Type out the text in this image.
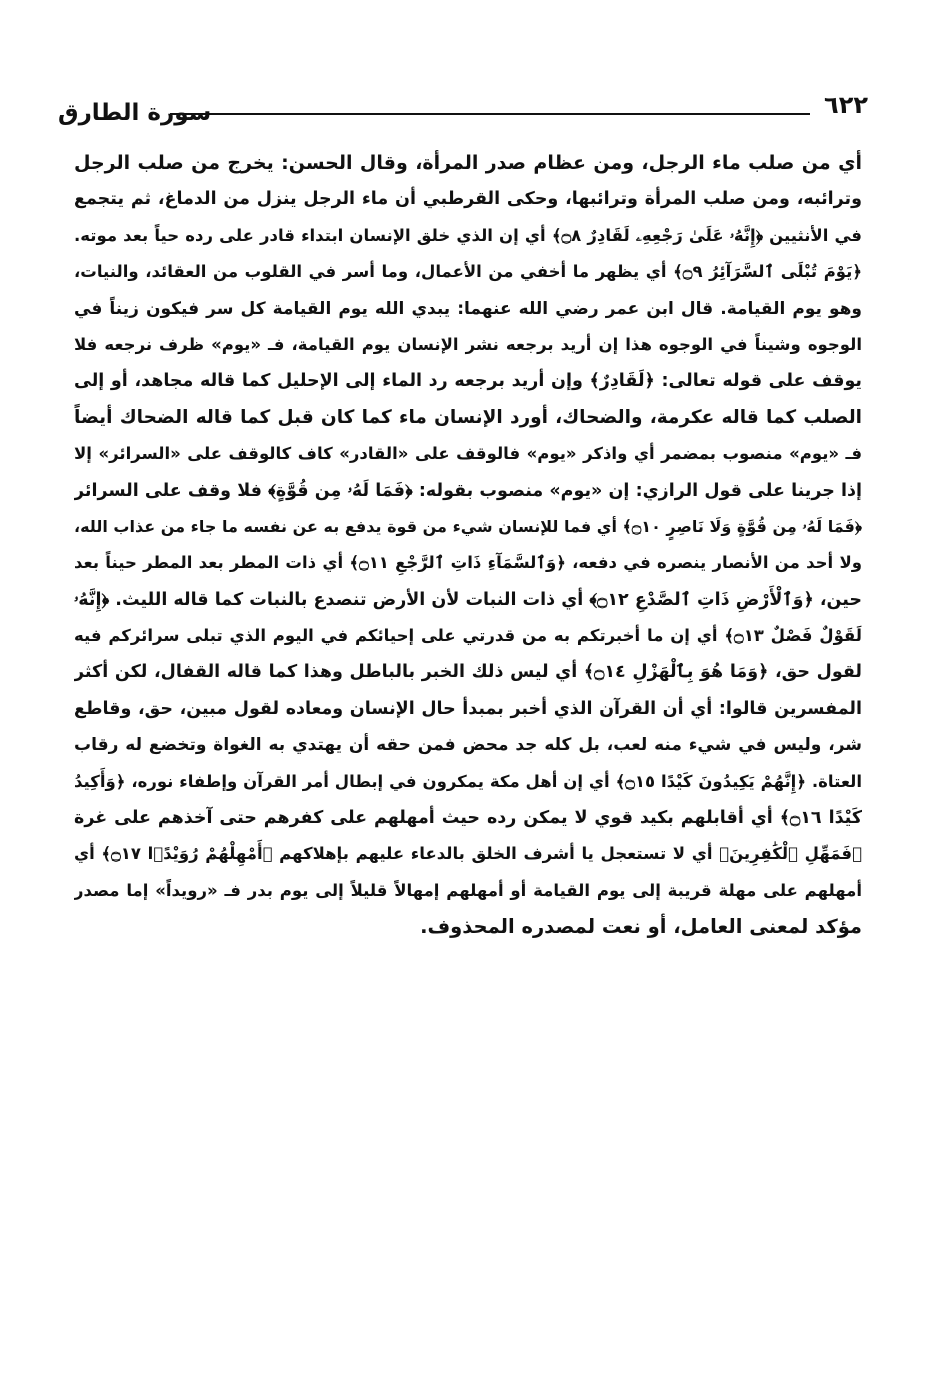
٦٢٢
سورة الطارق
أي من صلب ماء الرجل، ومن عظام صدر المرأة، وقال الحسن: يخرج من صلب الرجل
وترائبه، ومن صلب المرأة وترائبها، وحكى القرطبي أن ماء الرجل ينزل من الدماغ، ثم يتجمع
في الأنثيين ﴿إِنَّهُۥ عَلَىٰ رَجْعِهِۦ لَقَادِرٌ ۝٨﴾ أي إن الذي خلق الإنسان ابتداء قادر على رده حياً بعد موته.
﴿يَوْمَ تُبْلَى ٱلسَّرَآئِرُ ۝٩﴾ أي يظهر ما أخفي من الأعمال، وما أسر في القلوب من العقائد، والنيات،
وهو يوم القيامة. قال ابن عمر رضي الله عنهما: يبدي الله يوم القيامة كل سر فيكون زيناً في
الوجوه وشيناً في الوجوه هذا إن أريد برجعه نشر الإنسان يوم القيامة، فـ «يوم» ظرف نرجعه فلا
يوقف على قوله تعالى: ﴿لَقَادِرٌ﴾ وإن أريد برجعه رد الماء إلى الإحليل كما قاله مجاهد، أو إلى
الصلب كما قاله عكرمة، والضحاك، أورد الإنسان ماء كما كان قبل كما قاله الضحاك أيضاً
فـ «يوم» منصوب بمضمر أي واذكر «يوم» فالوقف على «القادر» كاف كالوقف على «السرائر» إلا
إذا جرينا على قول الرازي: إن «يوم» منصوب بقوله: ﴿فَمَا لَهُۥ مِن قُوَّةٍ﴾ فلا وقف على السرائر
﴿فَمَا لَهُۥ مِن قُوَّةٍ وَلَا نَاصِرٍ ۝١٠﴾ أي فما للإنسان شيء من قوة يدفع به عن نفسه ما جاء من عذاب الله،
ولا أحد من الأنصار ينصره في دفعه، ﴿وَٱلسَّمَآءِ ذَاتِ ٱلرَّجْعِ ۝١١﴾ أي ذات المطر بعد المطر حيناً بعد
حين، ﴿وَٱلْأَرْضِ ذَاتِ ٱلصَّدْعِ ۝١٢﴾ أي ذات النبات لأن الأرض تنصدع بالنبات كما قاله الليث. ﴿إِنَّهُۥ
لَقَوْلٌ فَصْلٌ ۝١٣﴾ أي إن ما أخبرتكم به من قدرتي على إحيائكم في اليوم الذي تبلى سرائركم فيه
لقول حق، ﴿وَمَا هُوَ بِٱلْهَزْلِ ۝١٤﴾ أي ليس ذلك الخبر بالباطل وهذا كما قاله القفال، لكن أكثر
المفسرين قالوا: أي أن القرآن الذي أخبر بمبدأ حال الإنسان ومعاده لقول مبين، حق، وقاطع
شر، وليس في شيء منه لعب، بل كله جد محض فمن حقه أن يهتدي به الغواة وتخضع له رقاب
العتاة. ﴿إِنَّهُمْ يَكِيدُونَ كَيْدًا ۝١٥﴾ أي إن أهل مكة يمكرون في إبطال أمر القرآن وإطفاء نوره، ﴿وَأَكِيدُ
كَيْدًا ۝١٦﴾ أي أقابلهم بكيد قوي لا يمكن رده حيث أمهلهم على كفرهم حتى آخذهم على غرة
﴿فَمَهِّلِ ٱلْكَٰفِرِينَ﴾ أي لا تستعجل يا أشرف الخلق بالدعاء عليهم بإهلاكهم ﴿أَمْهِلْهُمْ رُوَيْدًۢا ۝١٧﴾ أي
أمهلهم على مهلة قريبة إلى يوم القيامة أو أمهلهم إمهالاً قليلاً إلى يوم بدر فـ «رويداً» إما مصدر
مؤكد لمعنى العامل، أو نعت لمصدره المحذوف.
